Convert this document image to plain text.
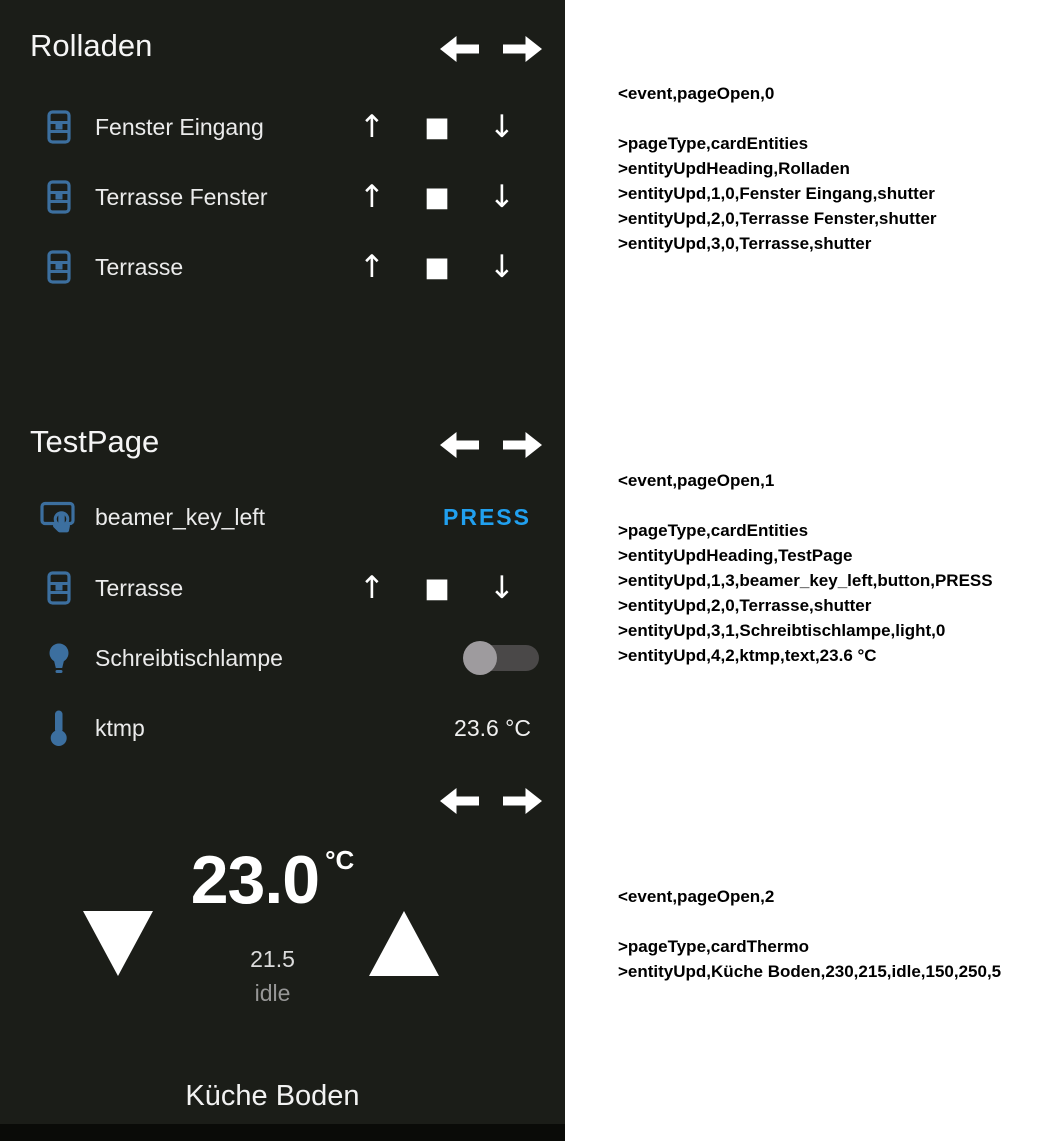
Rolladen
Fenster Eingang	↑	■ ↓
Terrasse Fenster	↑	■ ↓
Terrasse	↑	■ ↓
TestPage
beamer_key_left	PRESS
Terrasse	↑	■ ↓
Schreibtischlampe
ktmp	23.6 °C
23.0 °C
21.5
idle
Küche Boden
<event,pageOpen,0
>pageType,cardEntities
>entityUpdHeading,Rolladen
>entityUpd,1,0,Fenster Eingang,shutter
>entityUpd,2,0,Terrasse Fenster,shutter
>entityUpd,3,0,Terrasse,shutter
<event,pageOpen,1
>pageType,cardEntities
>entityUpdHeading,TestPage
>entityUpd,1,3,beamer_key_left,button,PRESS
>entityUpd,2,0,Terrasse,shutter
>entityUpd,3,1,Schreibtischlampe,light,0
>entityUpd,4,2,ktmp,text,23.6 °C
<event,pageOpen,2
>pageType,cardThermo
>entityUpd,Küche Boden,230,215,idle,150,250,5
